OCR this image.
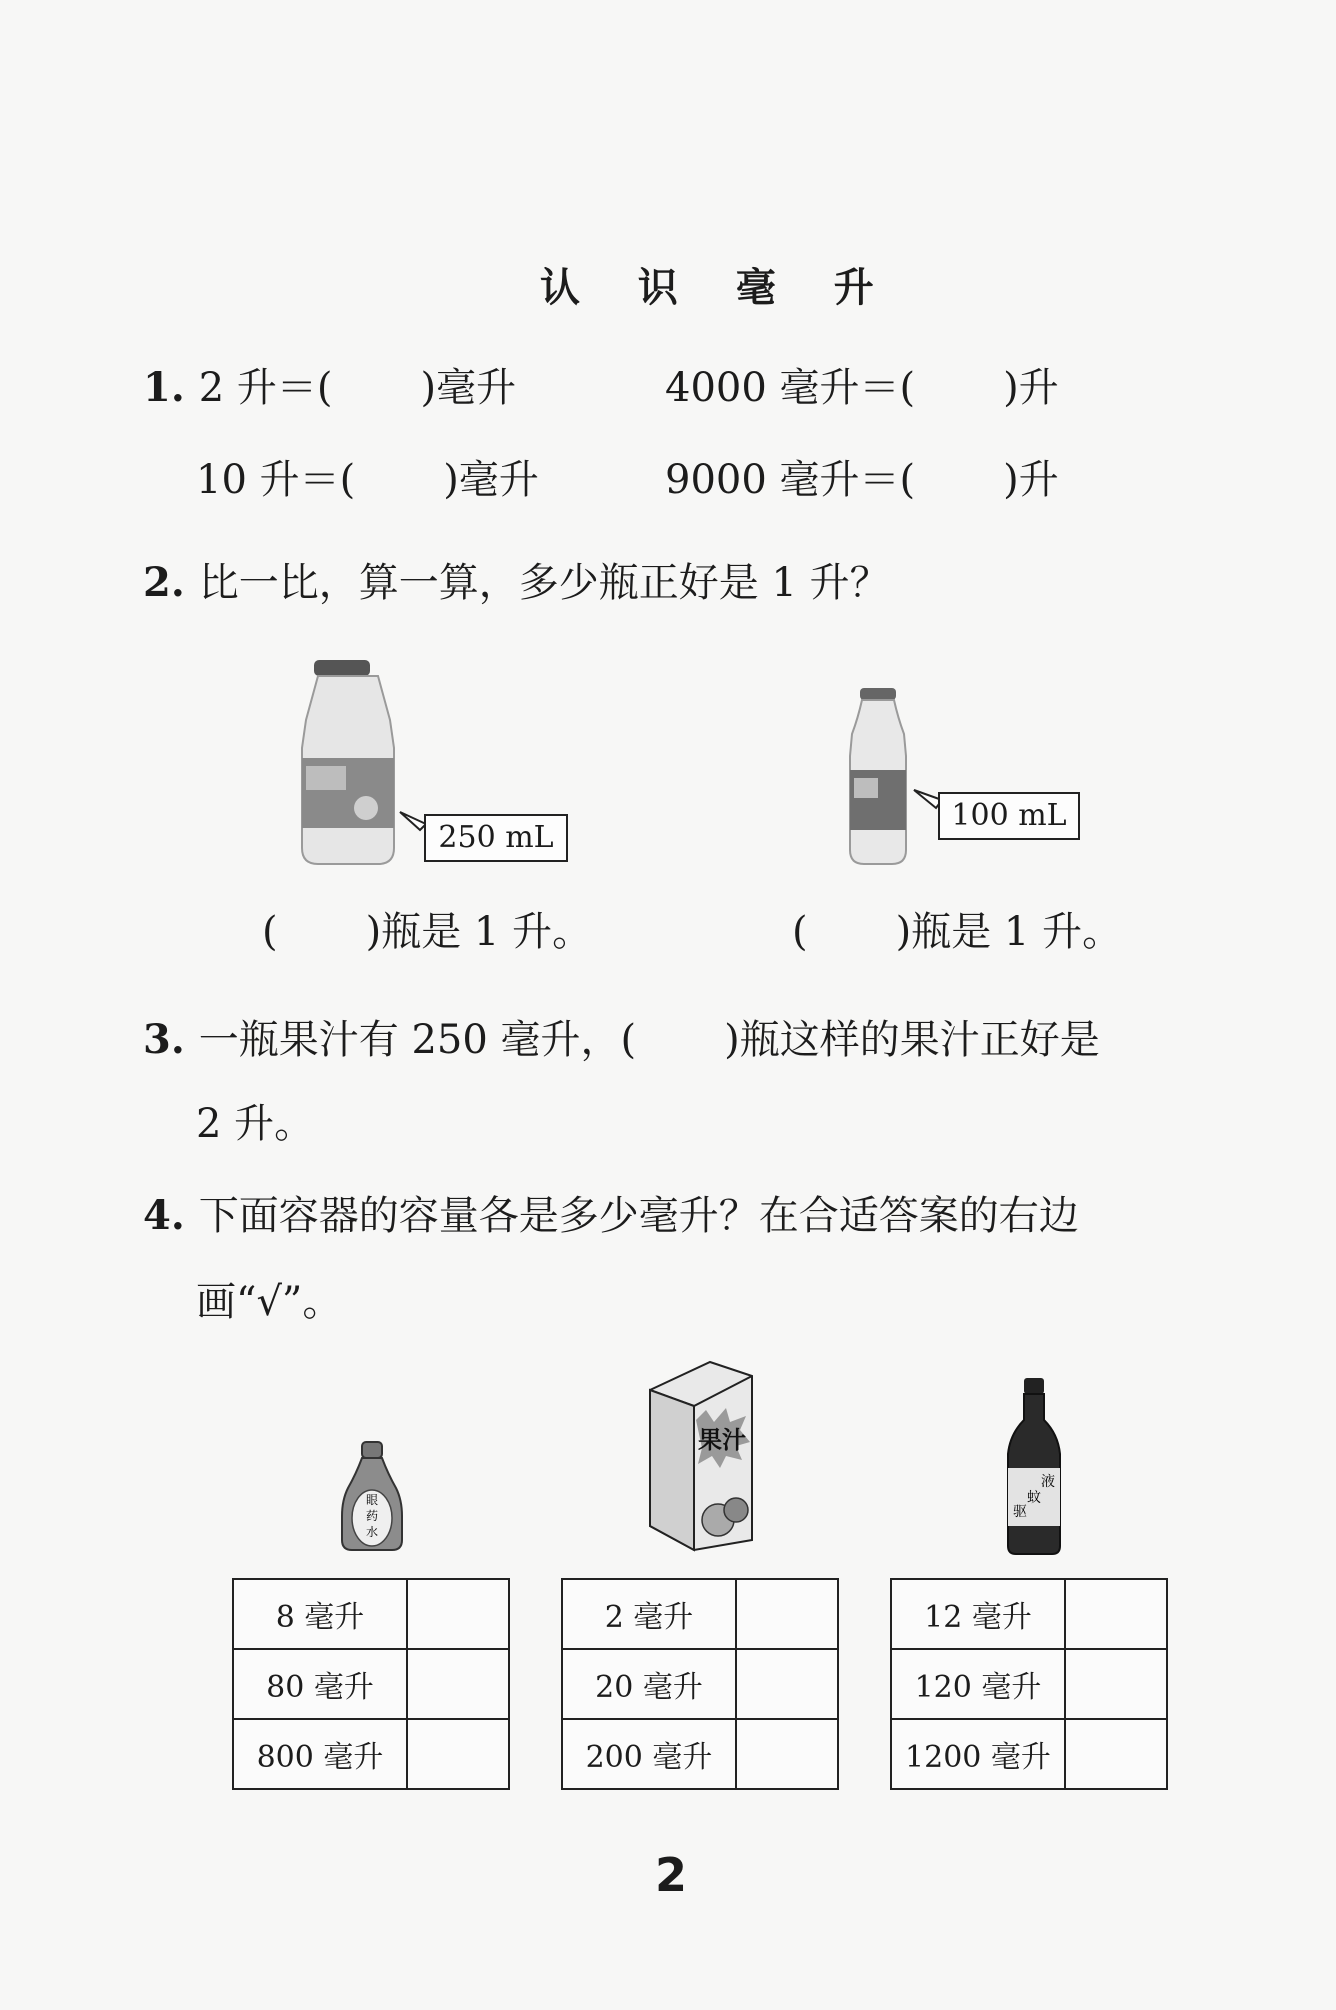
认 识 毫 升
1. 2 升＝( )毫升	4000 毫升＝( )升
10 升＝( )毫升	9000 毫升＝( )升
2. 比一比，算一算，多少瓶正好是 1 升？
250 mL
100 mL
( )瓶是 1 升。	( )瓶是 1 升。
3. 一瓶果汁有 250 毫升，( )瓶这样的果汁正好是
2 升。
4. 下面容器的容量各是多少毫升？在合适答案的右边
画“√”。
眼
药
水
果汁
液
蚊
驱
8 毫升	
80 毫升	
800 毫升	
2 毫升	
20 毫升	
200 毫升	
12 毫升	
120 毫升	
1200 毫升	
2
